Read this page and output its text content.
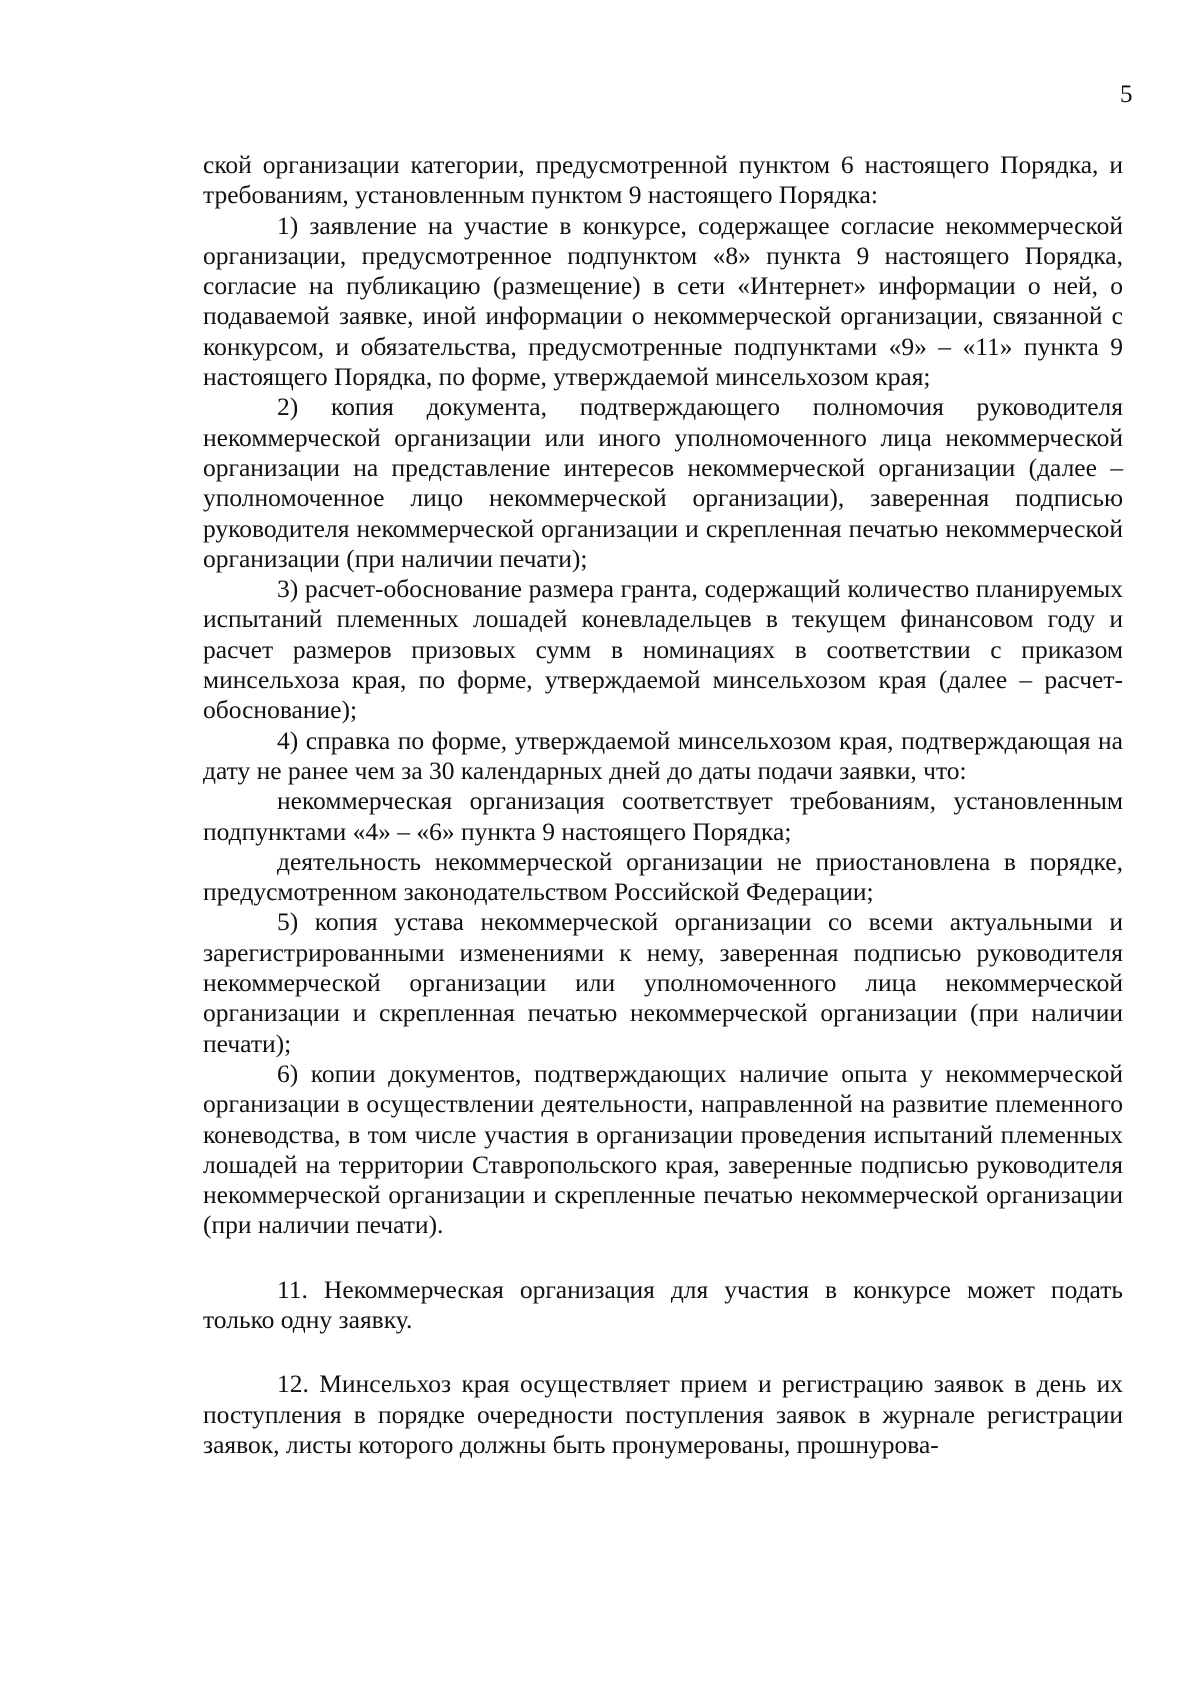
5

ской организации категории, предусмотренной пунктом 6 настоящего Порядка, и требованиям, установленным пунктом 9 настоящего Порядка:

1) заявление на участие в конкурсе, содержащее согласие некоммерческой организации, предусмотренное подпунктом «8» пункта 9 настоящего Порядка, согласие на публикацию (размещение) в сети «Интернет» информации о ней, о подаваемой заявке, иной информации о некоммерческой организации, связанной с конкурсом, и обязательства, предусмотренные подпунктами «9» – «11» пункта 9 настоящего Порядка, по форме, утверждаемой минсельхозом края;

2) копия документа, подтверждающего полномочия руководителя некоммерческой организации или иного уполномоченного лица некоммерческой организации на представление интересов некоммерческой организации (далее – уполномоченное лицо некоммерческой организации), заверенная подписью руководителя некоммерческой организации и скрепленная печатью некоммерческой организации (при наличии печати);

3) расчет-обоснование размера гранта, содержащий количество планируемых испытаний племенных лошадей коневладельцев в текущем финансовом году и расчет размеров призовых сумм в номинациях в соответствии с приказом минсельхоза края, по форме, утверждаемой минсельхозом края (далее – расчет-обоснование);

4) справка по форме, утверждаемой минсельхозом края, подтверждающая на дату не ранее чем за 30 календарных дней до даты подачи заявки, что:

некоммерческая организация соответствует требованиям, установленным подпунктами «4» – «6» пункта 9 настоящего Порядка;

деятельность некоммерческой организации не приостановлена в порядке, предусмотренном законодательством Российской Федерации;

5) копия устава некоммерческой организации со всеми актуальными и зарегистрированными изменениями к нему, заверенная подписью руководителя некоммерческой организации или уполномоченного лица некоммерческой организации и скрепленная печатью некоммерческой организации (при наличии печати);

6) копии документов, подтверждающих наличие опыта у некоммерческой организации в осуществлении деятельности, направленной на развитие племенного коневодства, в том числе участия в организации проведения испытаний племенных лошадей на территории Ставропольского края, заверенные подписью руководителя некоммерческой организации и скрепленные печатью некоммерческой организации (при наличии печати).

11. Некоммерческая организация для участия в конкурсе может подать только одну заявку.

12. Минсельхоз края осуществляет прием и регистрацию заявок в день их поступления в порядке очередности поступления заявок в журнале регистрации заявок, листы которого должны быть пронумерованы, прошнурова-
